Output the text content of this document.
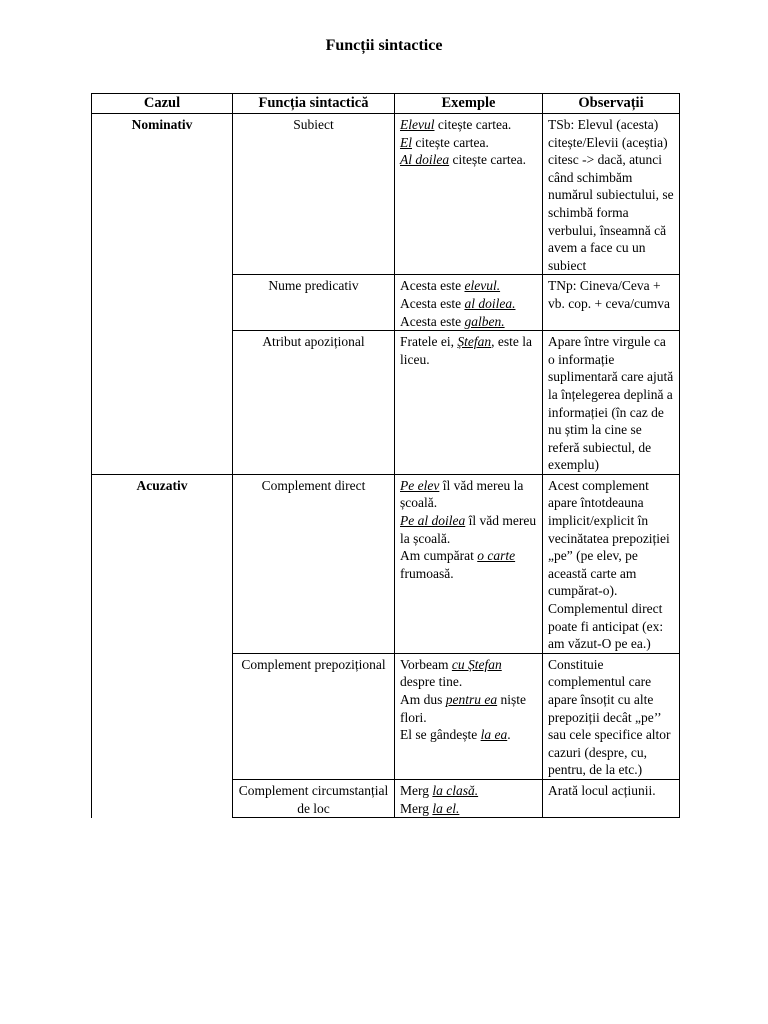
Funcții sintactice
Cazul	Funcția sintactică	Exemple	Observații
Nominativ	Subiect	Elevul citește cartea.
El citește cartea.
Al doilea citește cartea.	TSb: Elevul (acesta) citește/Elevii (aceștia) citesc -> dacă, atunci când schimbăm numărul subiectului, se schimbă forma verbului, înseamnă că avem a face cu un subiect
	Nume predicativ	Acesta este elevul.
Acesta este al doilea.
Acesta este galben.	TNp: Cineva/Ceva + vb. cop. + ceva/cumva
	Atribut apozițional	Fratele ei, Ștefan, este la liceu.	Apare între virgule ca o informație suplimentară care ajută la înțelegerea deplină a informației (în caz de nu știm la cine se referă subiectul, de exemplu)
Acuzativ	Complement direct	Pe elev îl văd mereu la școală.
Pe al doilea îl văd mereu la școală.
Am cumpărat o carte frumoasă.	Acest complement apare întotdeauna implicit/explicit în vecinătatea prepoziției „pe” (pe elev, pe această carte am cumpărat-o). Complementul direct poate fi anticipat (ex: am văzut-O pe ea.)
	Complement prepozițional	Vorbeam cu Ștefan despre tine.
Am dus pentru ea niște flori.
El se gândește la ea.	Constituie complementul care apare însoțit cu alte prepoziții decât „pe’’ sau cele specifice altor cazuri (despre, cu, pentru, de la etc.)
	Complement circumstanțial de loc	Merg la clasă.
Merg la el.	Arată locul acțiunii.
